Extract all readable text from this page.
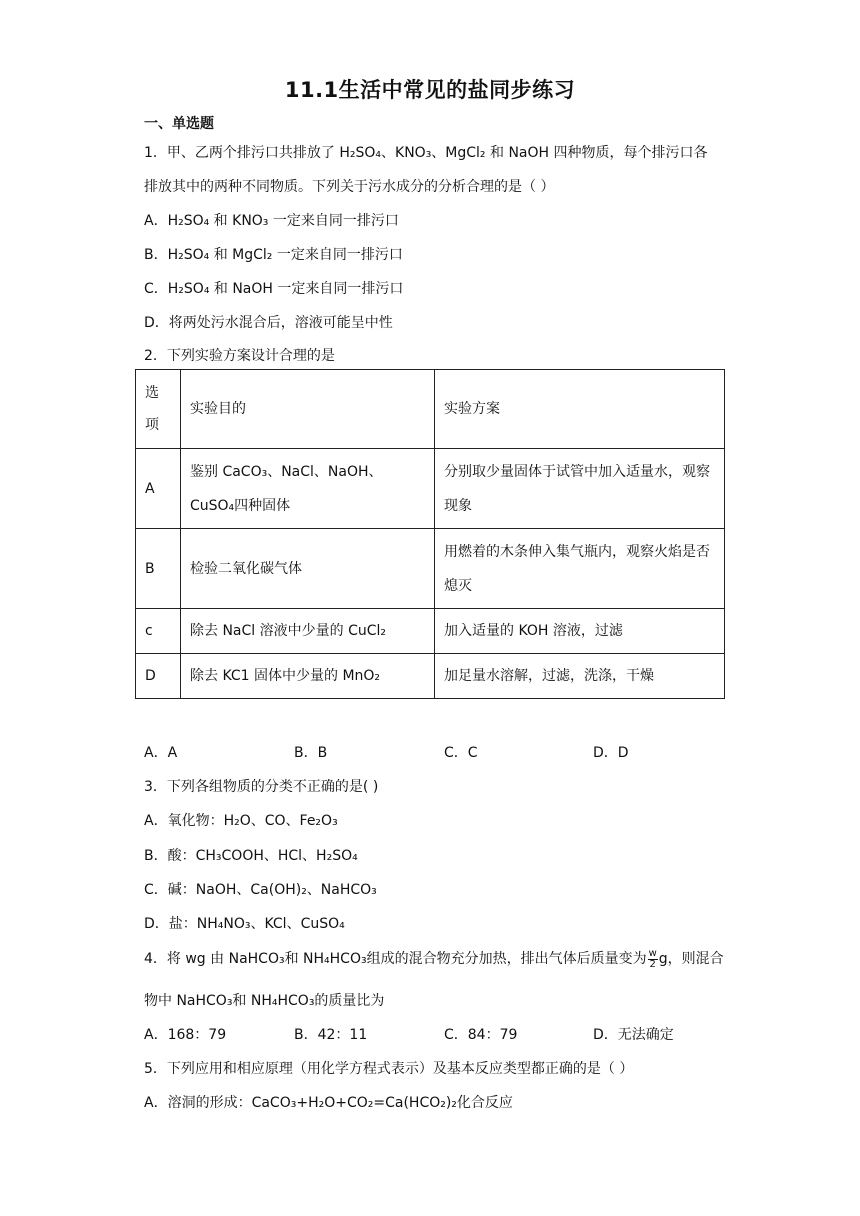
11.1生活中常见的盐同步练习
一、单选题
1．甲、乙两个排污口共排放了 H₂SO₄、KNO₃、MgCl₂ 和 NaOH 四种物质，每个排污口各
排放其中的两种不同物质。下列关于污水成分的分析合理的是（ ）
A．H₂SO₄ 和 KNO₃ 一定来自同一排污口
B．H₂SO₄ 和 MgCl₂ 一定来自同一排污口
C．H₂SO₄ 和 NaOH 一定来自同一排污口
D．将两处污水混合后，溶液可能呈中性
2．下列实验方案设计合理的是
选项	实验目的	实验方案
A	鉴别 CaCO₃、NaCl、NaOH、CuSO₄四种固体	分别取少量固体于试管中加入适量水，观察现象
B	检验二氧化碳气体	用燃着的木条伸入集气瓶内，观察火焰是否熄灭
c	除去 NaCl 溶液中少量的 CuCl₂	加入适量的 KOH 溶液，过滤
D	除去 KC1 固体中少量的 MnO₂	加足量水溶解，过滤，洗涤，干燥
A．A	B．B	C．C	D．D
3．下列各组物质的分类不正确的是( )
A．氧化物：H₂O、CO、Fe₂O₃
B．酸：CH₃COOH、HCl、H₂SO₄
C．碱：NaOH、Ca(OH)₂、NaHCO₃
D．盐：NH₄NO₃、KCl、CuSO₄
4．将 wg 由 NaHCO₃和 NH₄HCO₃组成的混合物充分加热，排出气体后质量变为 $\frac{w}{2}$ g，则混合
物中 NaHCO₃和 NH₄HCO₃的质量比为
A．168：79	B．42：11	C．84：79	D．无法确定
5．下列应用和相应原理（用化学方程式表示）及基本反应类型都正确的是（ ）
A．溶洞的形成：CaCO₃+H₂O+CO₂=Ca(HCO₂)₂化合反应
